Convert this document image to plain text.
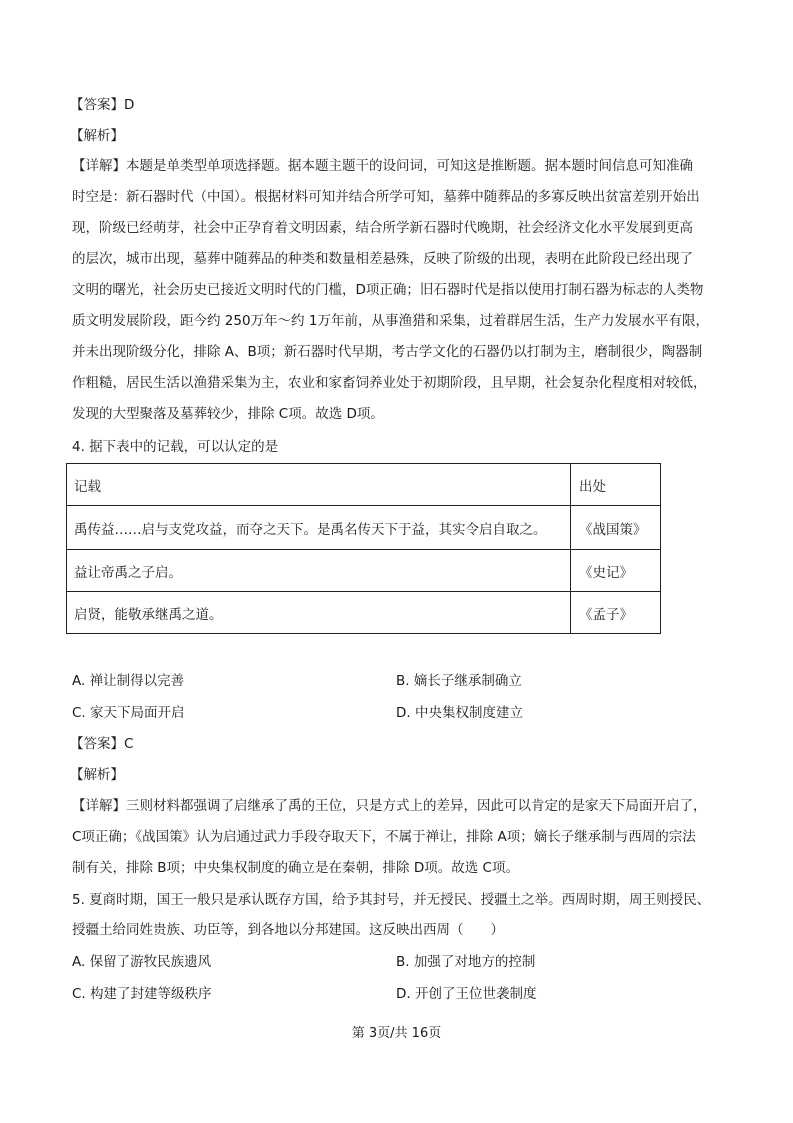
【答案】D
【解析】
【详解】本题是单类型单项选择题。据本题主题干的设问词，可知这是推断题。据本题时间信息可知准确
时空是：新石器时代（中国）。根据材料可知并结合所学可知，墓葬中随葬品的多寡反映出贫富差别开始出
现，阶级已经萌芽，社会中正孕育着文明因素，结合所学新石器时代晚期，社会经济文化水平发展到更高
的层次，城市出现，墓葬中随葬品的种类和数量相差悬殊，反映了阶级的出现，表明在此阶段已经出现了
文明的曙光，社会历史已接近文明时代的门槛，D项正确；旧石器时代是指以使用打制石器为标志的人类物
质文明发展阶段，距今约 250万年～约 1万年前，从事渔猎和采集，过着群居生活，生产力发展水平有限，
并未出现阶级分化，排除 A、B项；新石器时代早期，考古学文化的石器仍以打制为主，磨制很少，陶器制
作粗糙，居民生活以渔猎采集为主，农业和家畜饲养业处于初期阶段，且早期，社会复杂化程度相对较低，
发现的大型聚落及墓葬较少，排除 C项。故选 D项。
4. 据下表中的记载，可以认定的是
记载	出处
禹传益……启与支党攻益，而夺之天下。是禹名传天下于益，其实令启自取之。	《战国策》
益让帝禹之子启。	《史记》
启贤，能敬承继禹之道。	《孟子》
A. 禅让制得以完善	B. 嫡长子继承制确立
C. 家天下局面开启	D. 中央集权制度建立
【答案】C
【解析】
【详解】三则材料都强调了启继承了禹的王位，只是方式上的差异，因此可以肯定的是家天下局面开启了，
C项正确；《战国策》认为启通过武力手段夺取天下，不属于禅让，排除 A项；嫡长子继承制与西周的宗法
制有关，排除 B项；中央集权制度的确立是在秦朝，排除 D项。故选 C项。
5. 夏商时期，国王一般只是承认既存方国，给予其封号，并无授民、授疆土之举。西周时期，周王则授民、
授疆土给同姓贵族、功臣等，到各地以分邦建国。这反映出西周（　　）
A. 保留了游牧民族遗风	B. 加强了对地方的控制
C. 构建了封建等级秩序	D. 开创了王位世袭制度
第 3页/共 16页
